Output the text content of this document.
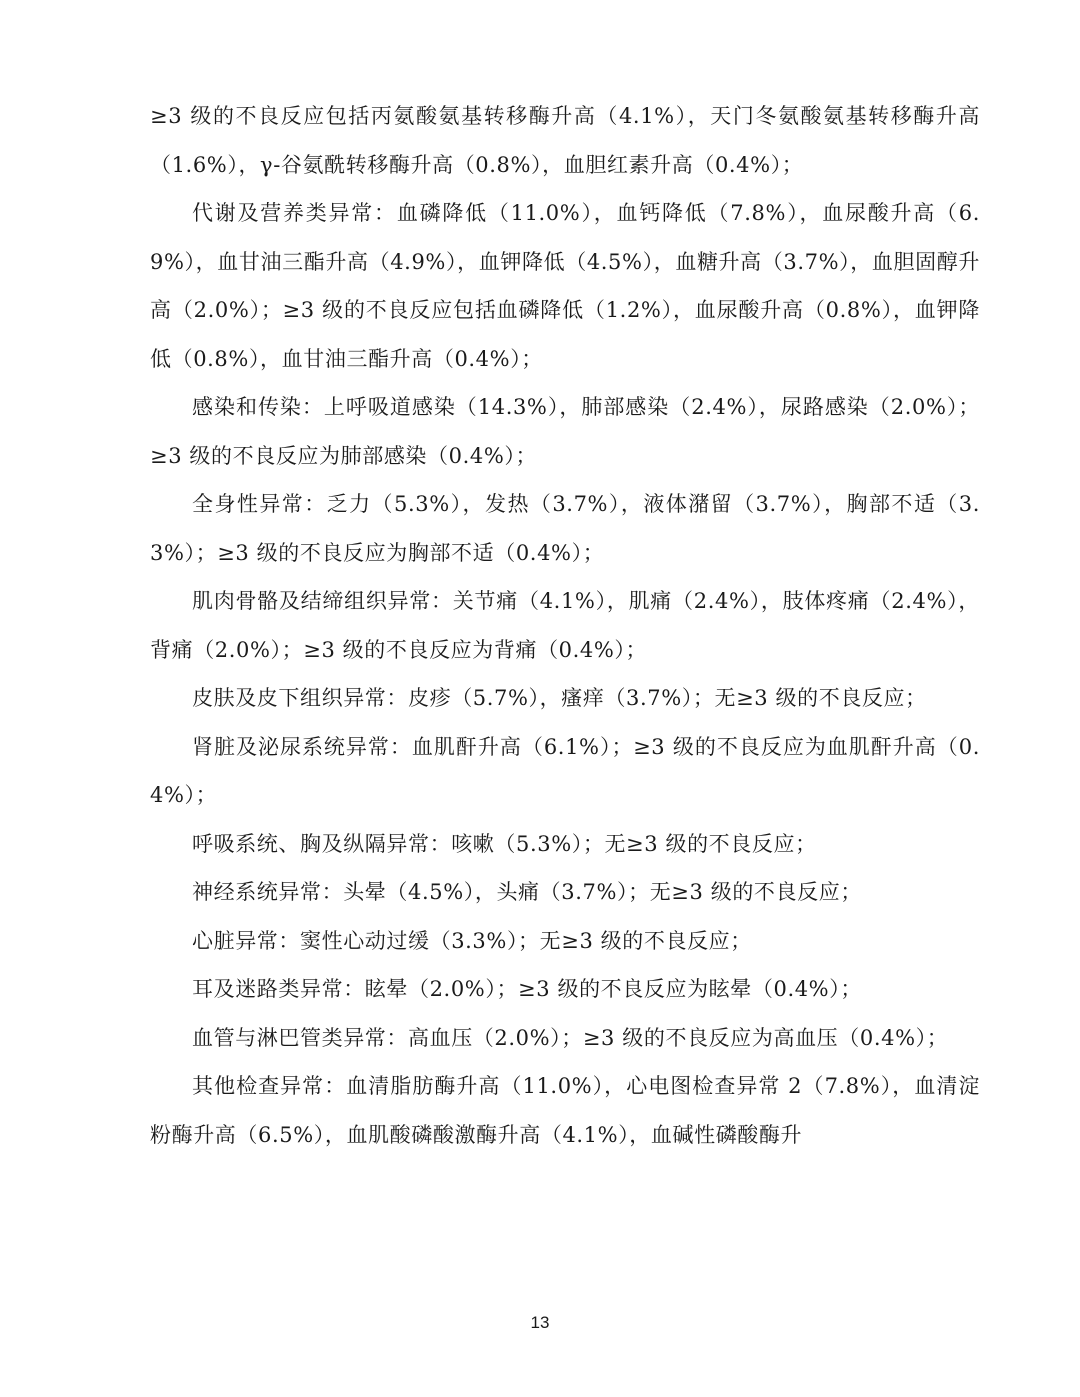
≥3 级的不良反应包括丙氨酸氨基转移酶升高（4.1%），天门冬氨酸氨基转移酶升高（1.6%），γ-谷氨酰转移酶升高（0.8%），血胆红素升高（0.4%）；

代谢及营养类异常：血磷降低（11.0%），血钙降低（7.8%），血尿酸升高（6.9%），血甘油三酯升高（4.9%），血钾降低（4.5%），血糖升高（3.7%），血胆固醇升高（2.0%）；≥3 级的不良反应包括血磷降低（1.2%），血尿酸升高（0.8%），血钾降低（0.8%），血甘油三酯升高（0.4%）；

感染和传染：上呼吸道感染（14.3%），肺部感染（2.4%），尿路感染（2.0%）；≥3 级的不良反应为肺部感染（0.4%）；

全身性异常：乏力（5.3%），发热（3.7%），液体潴留（3.7%），胸部不适（3.3%）；≥3 级的不良反应为胸部不适（0.4%）；

肌肉骨骼及结缔组织异常：关节痛（4.1%），肌痛（2.4%），肢体疼痛（2.4%），背痛（2.0%）；≥3 级的不良反应为背痛（0.4%）；

皮肤及皮下组织异常：皮疹（5.7%），瘙痒（3.7%）；无≥3 级的不良反应；

肾脏及泌尿系统异常：血肌酐升高（6.1%）；≥3 级的不良反应为血肌酐升高（0.4%）；

呼吸系统、胸及纵隔异常：咳嗽（5.3%）；无≥3 级的不良反应；

神经系统异常：头晕（4.5%），头痛（3.7%）；无≥3 级的不良反应；

心脏异常：窦性心动过缓（3.3%）；无≥3 级的不良反应；

耳及迷路类异常：眩晕（2.0%）；≥3 级的不良反应为眩晕（0.4%）；

血管与淋巴管类异常：高血压（2.0%）；≥3 级的不良反应为高血压（0.4%）；

其他检查异常：血清脂肪酶升高（11.0%），心电图检查异常 2（7.8%），血清淀粉酶升高（6.5%），血肌酸磷酸激酶升高（4.1%），血碱性磷酸酶升

13
